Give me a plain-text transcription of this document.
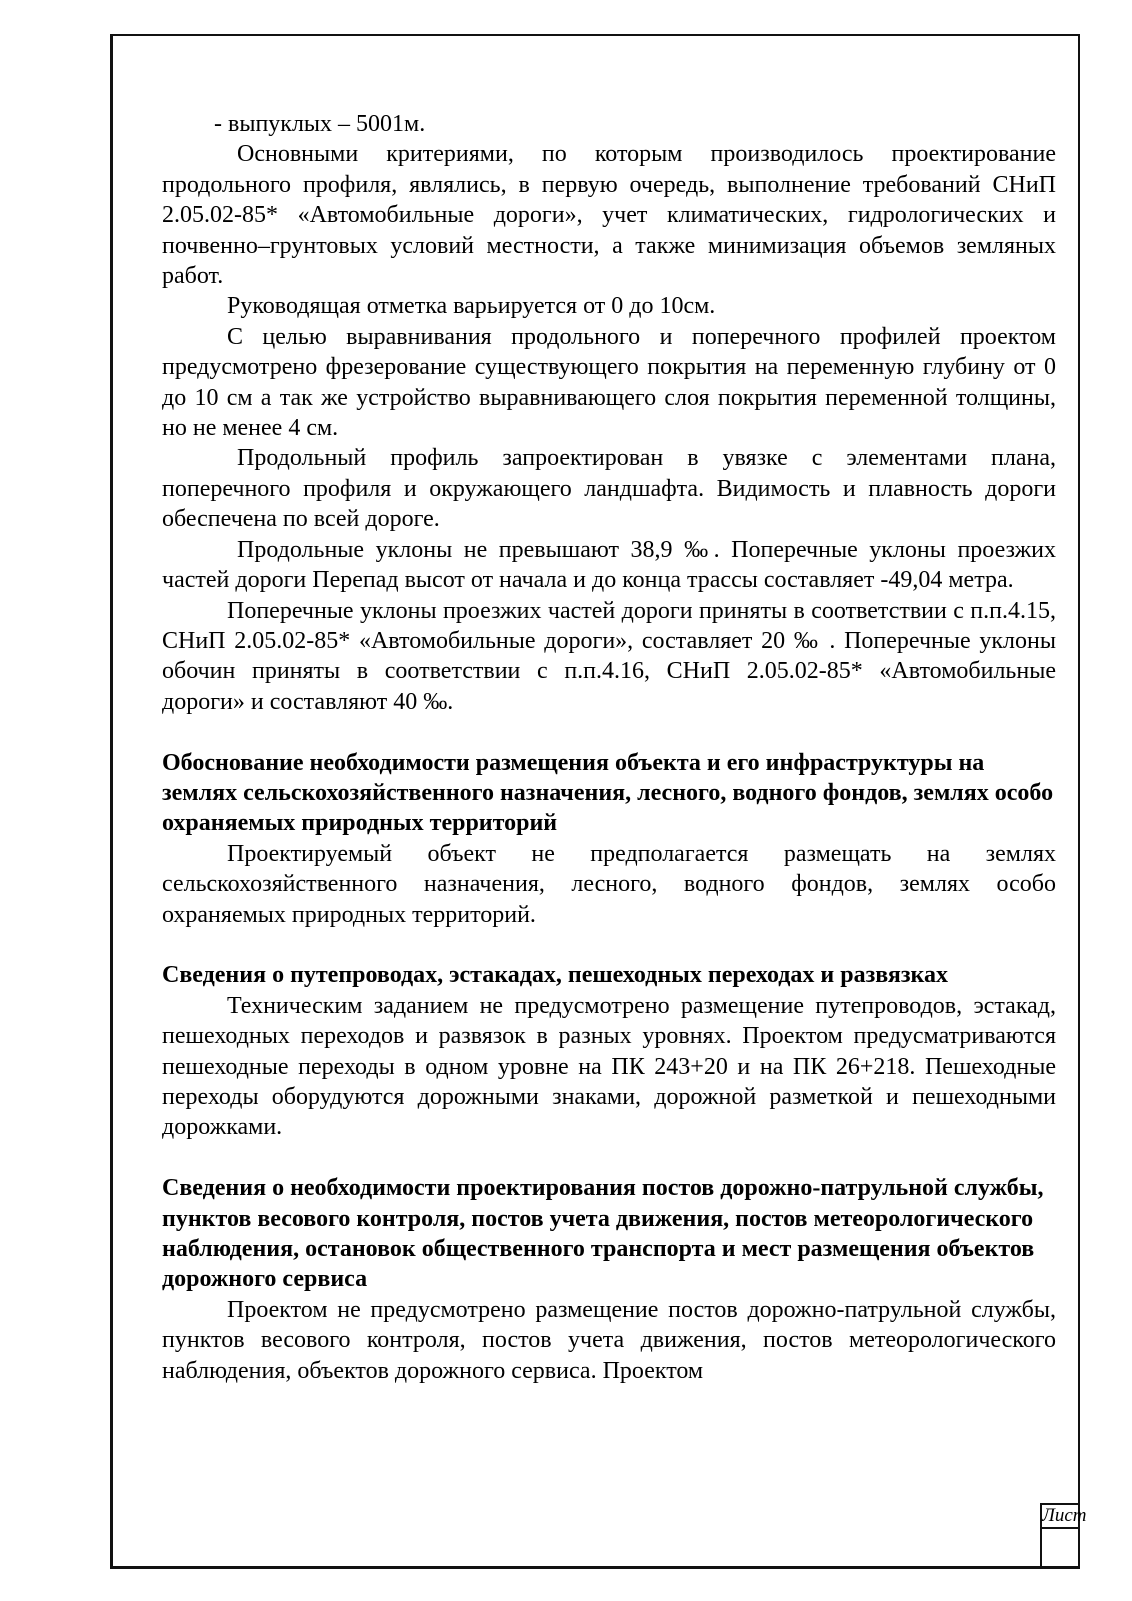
- выпуклых – 5001м.

Основными критериями, по которым производилось проектирование продольного профиля, являлись, в первую очередь, выполнение требований СНиП 2.05.02-85* «Автомобильные дороги», учет климатических, гидрологических и почвенно–грунтовых условий местности, а также минимизация объемов земляных работ.

Руководящая отметка варьируется от 0 до 10см.

С целью выравнивания продольного и поперечного профилей проектом предусмотрено фрезерование существующего покрытия на переменную глубину от 0 до 10 см а так же устройство выравнивающего слоя покрытия переменной толщины, но не менее 4 см.

Продольный профиль запроектирован в увязке с элементами плана, поперечного профиля и окружающего ландшафта. Видимость и плавность дороги обеспечена по всей дороге.

Продольные уклоны не превышают 38,9 ‰. Поперечные уклоны проезжих частей дороги Перепад высот от начала и до конца трассы составляет -49,04 метра.

Поперечные уклоны проезжих частей дороги приняты в соответствии с п.п.4.15, СНиП 2.05.02-85* «Автомобильные дороги», составляет 20 ‰ . Поперечные уклоны обочин приняты в соответствии с п.п.4.16, СНиП 2.05.02-85* «Автомобильные дороги» и составляют 40 ‰.

Обоснование необходимости размещения объекта и его инфраструктуры на землях сельскохозяйственного назначения, лесного, водного фондов, землях особо охраняемых природных территорий

Проектируемый объект не предполагается размещать на землях сельскохозяйственного назначения, лесного, водного фондов, землях особо охраняемых природных территорий.

Сведения о путепроводах, эстакадах, пешеходных переходах и развязках

Техническим заданием не предусмотрено размещение путепроводов, эстакад, пешеходных переходов и развязок в разных уровнях. Проектом предусматриваются пешеходные переходы в одном уровне на ПК 243+20 и на ПК 26+218. Пешеходные переходы оборудуются дорожными знаками, дорожной разметкой и пешеходными дорожками.

Сведения о необходимости проектирования постов дорожно-патрульной службы, пунктов весового контроля, постов учета движения, постов метеорологического наблюдения, остановок общественного транспорта и мест размещения объектов дорожного сервиса

Проектом не предусмотрено размещение постов дорожно-патрульной службы, пунктов весового контроля, постов учета движения, постов метеорологического наблюдения, объектов дорожного сервиса. Проектом

Лист
